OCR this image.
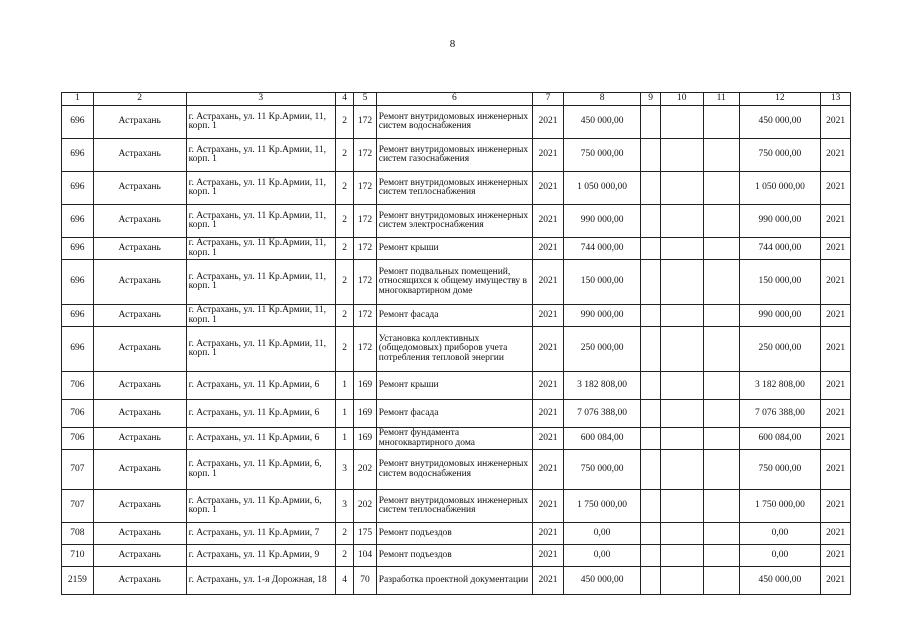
8
1	2	3	4	5	6	7	8	9	10	11	12	13
696	Астрахань	г. Астрахань, ул. 11 Кр.Армии, 11, корп. 1	2	172	Ремонт внутридомовых инженерных систем водоснабжения	2021	450 000,00				450 000,00	2021
696	Астрахань	г. Астрахань, ул. 11 Кр.Армии, 11, корп. 1	2	172	Ремонт внутридомовых инженерных систем газоснабжения	2021	750 000,00				750 000,00	2021
696	Астрахань	г. Астрахань, ул. 11 Кр.Армии, 11, корп. 1	2	172	Ремонт внутридомовых инженерных систем теплоснабжения	2021	1 050 000,00				1 050 000,00	2021
696	Астрахань	г. Астрахань, ул. 11 Кр.Армии, 11, корп. 1	2	172	Ремонт внутридомовых инженерных систем электроснабжения	2021	990 000,00				990 000,00	2021
696	Астрахань	г. Астрахань, ул. 11 Кр.Армии, 11, корп. 1	2	172	Ремонт крыши	2021	744 000,00				744 000,00	2021
696	Астрахань	г. Астрахань, ул. 11 Кр.Армии, 11, корп. 1	2	172	Ремонт подвальных помещений, относящихся к общему имуществу в многоквартирном доме	2021	150 000,00				150 000,00	2021
696	Астрахань	г. Астрахань, ул. 11 Кр.Армии, 11, корп. 1	2	172	Ремонт фасада	2021	990 000,00				990 000,00	2021
696	Астрахань	г. Астрахань, ул. 11 Кр.Армии, 11, корп. 1	2	172	Установка коллективных (общедомовых) приборов учета потребления тепловой энергии	2021	250 000,00				250 000,00	2021
706	Астрахань	г. Астрахань, ул. 11 Кр.Армии, 6	1	169	Ремонт крыши	2021	3 182 808,00				3 182 808,00	2021
706	Астрахань	г. Астрахань, ул. 11 Кр.Армии, 6	1	169	Ремонт фасада	2021	7 076 388,00				7 076 388,00	2021
706	Астрахань	г. Астрахань, ул. 11 Кр.Армии, 6	1	169	Ремонт фундамента многоквартирного дома	2021	600 084,00				600 084,00	2021
707	Астрахань	г. Астрахань, ул. 11 Кр.Армии, 6, корп. 1	3	202	Ремонт внутридомовых инженерных систем водоснабжения	2021	750 000,00				750 000,00	2021
707	Астрахань	г. Астрахань, ул. 11 Кр.Армии, 6, корп. 1	3	202	Ремонт внутридомовых инженерных систем теплоснабжения	2021	1 750 000,00				1 750 000,00	2021
708	Астрахань	г. Астрахань, ул. 11 Кр.Армии, 7	2	175	Ремонт подъездов	2021	0,00				0,00	2021
710	Астрахань	г. Астрахань, ул. 11 Кр.Армии, 9	2	104	Ремонт подъездов	2021	0,00				0,00	2021
2159	Астрахань	г. Астрахань, ул. 1-я Дорожная, 18	4	70	Разработка проектной документации	2021	450 000,00				450 000,00	2021
